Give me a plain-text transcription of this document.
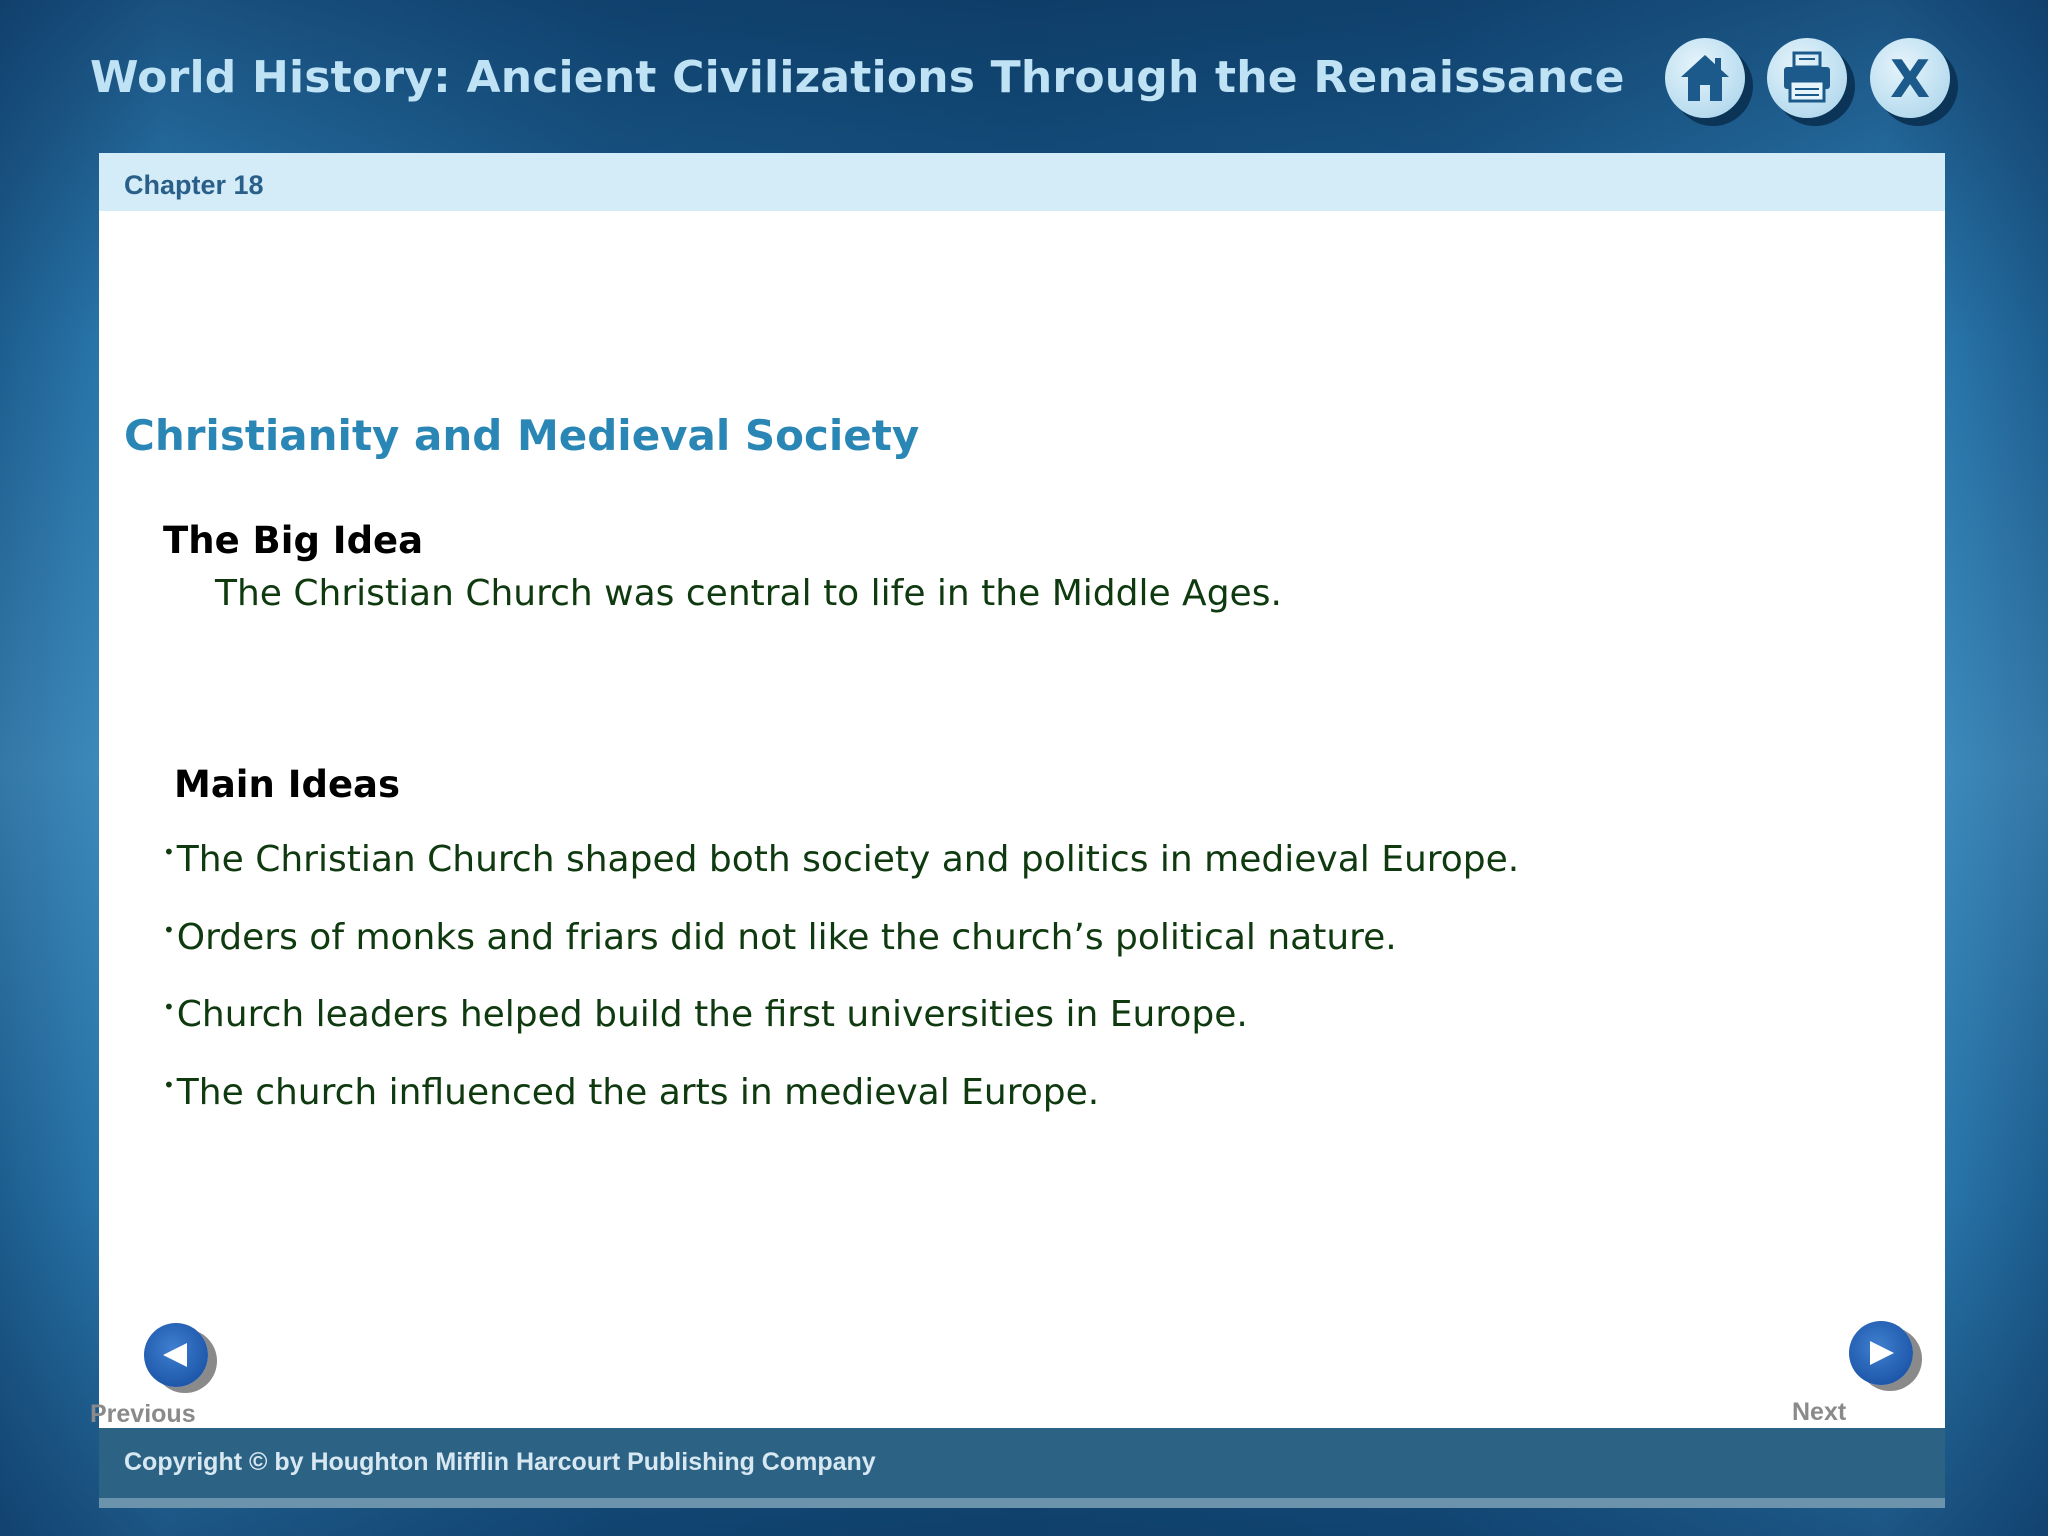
World History: Ancient Civilizations Through the Renaissance	X
Chapter 18
Christianity and Medieval Society
The Big Idea
The Christian Church was central to life in the Middle Ages.
Main Ideas
•The Christian Church shaped both society and politics in medieval Europe.
•Orders of monks and friars did not like the church’s political nature.
•Church leaders helped build the first universities in Europe.
•The church influenced the arts in medieval Europe.
Previous	Next
Copyright © by Houghton Mifflin Harcourt Publishing Company
